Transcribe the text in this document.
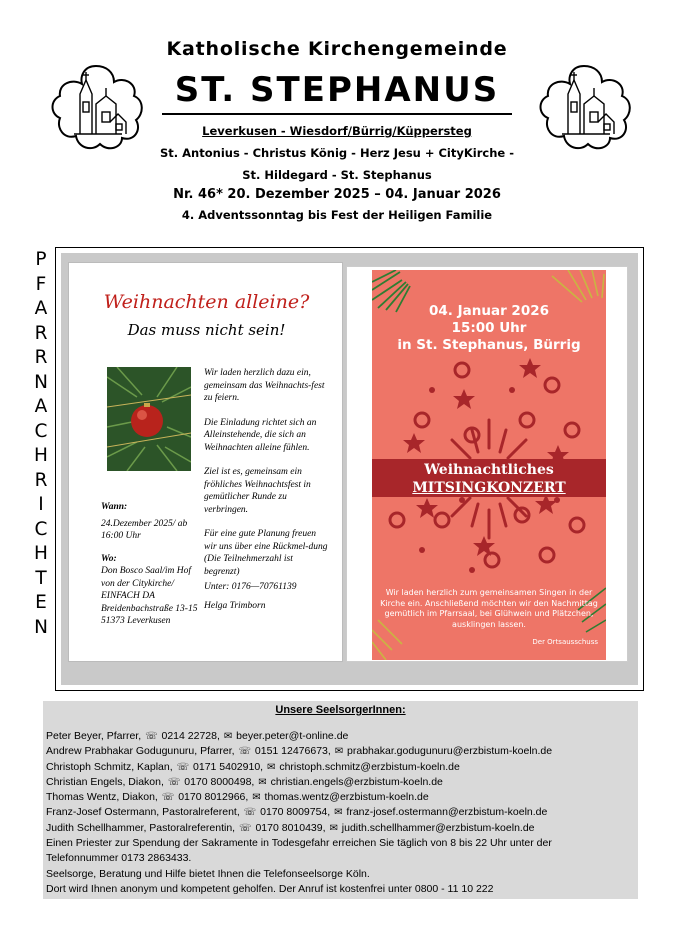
Katholische Kirchengemeinde
ST. STEPHANUS
Leverkusen - Wiesdorf/Bürrig/Küppersteg
St. Antonius - Christus König - Herz Jesu + CityKirche -
St. Hildegard - St. Stephanus
Nr. 46* 20. Dezember 2025 – 04. Januar 2026
4. Adventssonntag bis Fest der Heiligen Familie
P
F
A
R
R
N
A
C
H
R
I
C
H
T
E
N
Weihnachten alleine?
Das muss nicht sein!

Wir laden herzlich dazu ein, gemeinsam das Weihnachts-fest zu feiern.

Die Einladung richtet sich an Alleinstehende, die sich an Weihnachten alleine fühlen.

Ziel ist es, gemeinsam ein fröhliches Weihnachtsfest in gemütlicher Runde zu verbringen.

Für eine gute Planung freuen wir uns über eine Rückmel-dung (Die Teilnehmerzahl ist begrenzt)

Unter: 0176—70761139
Helga Trimborn
Wann:
24.Dezember 2025/ ab 16:00 Uhr
Wo:
Don Bosco Saal/im Hof von der Citykirche/ EINFACH DA Breidenbachstraße 13-15 51373 Leverkusen
04. Januar 2026
15:00 Uhr
in St. Stephanus, Bürrig
Weihnachtliches
MITSINGKONZERT
Wir laden herzlich zum gemeinsamen Singen in der Kirche ein. Anschließend möchten wir den Nachmittag gemütlich im Pfarrsaal, bei Glühwein und Plätzchen, ausklingen lassen.
Der Ortsausschuss
Unsere SeelsorgerInnen:
Peter Beyer, Pfarrer, ☏ 0214 22728, ✉ beyer.peter@t-online.de
Andrew Prabhakar Godugunuru, Pfarrer, ☏ 0151 12476673, ✉ prabhakar.godugunuru@erzbistum-koeln.de
Christoph Schmitz, Kaplan, ☏ 0171 5402910, ✉ christoph.schmitz@erzbistum-koeln.de
Christian Engels, Diakon, ☏ 0170 8000498, ✉ christian.engels@erzbistum-koeln.de
Thomas Wentz, Diakon, ☏ 0170 8012966, ✉ thomas.wentz@erzbistum-koeln.de
Franz-Josef Ostermann, Pastoralreferent, ☏ 0170 8009754, ✉ franz-josef.ostermann@erzbistum-koeln.de
Judith Schellhammer, Pastoralreferentin, ☏ 0170 8010439, ✉ judith.schellhammer@erzbistum-koeln.de
Einen Priester zur Spendung der Sakramente in Todesgefahr erreichen Sie täglich von 8 bis 22 Uhr unter der
Telefonnummer 0173 2863433.
Seelsorge, Beratung und Hilfe bietet Ihnen die Telefonseelsorge Köln.
Dort wird Ihnen anonym und kompetent geholfen. Der Anruf ist kostenfrei unter 0800 - 11 10 222
